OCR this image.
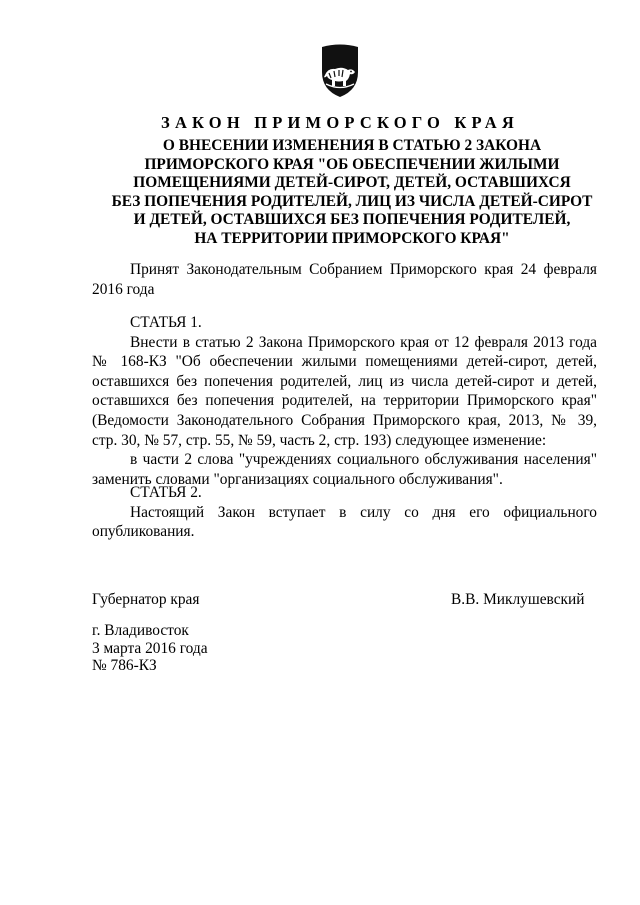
ЗАКОН ПРИМОРСКОГО КРАЯ
О ВНЕСЕНИИ ИЗМЕНЕНИЯ В СТАТЬЮ 2 ЗАКОНА
ПРИМОРСКОГО КРАЯ "ОБ ОБЕСПЕЧЕНИИ ЖИЛЫМИ
ПОМЕЩЕНИЯМИ ДЕТЕЙ-СИРОТ, ДЕТЕЙ, ОСТАВШИХСЯ
БЕЗ ПОПЕЧЕНИЯ РОДИТЕЛЕЙ, ЛИЦ ИЗ ЧИСЛА ДЕТЕЙ-СИРОТ
И ДЕТЕЙ, ОСТАВШИХСЯ БЕЗ ПОПЕЧЕНИЯ РОДИТЕЛЕЙ,
НА ТЕРРИТОРИИ ПРИМОРСКОГО КРАЯ"
Принят Законодательным Собранием Приморского края 24 февраля
2016 года
СТАТЬЯ 1.
Внести в статью 2 Закона Приморского края от 12 февраля 2013 года
№ 168-КЗ "Об обеспечении жилыми помещениями детей-сирот, детей,
оставшихся без попечения родителей, лиц из числа детей-сирот и детей,
оставшихся без попечения родителей, на территории Приморского края"
(Ведомости Законодательного Собрания Приморского края, 2013, № 39,
стр. 30, № 57, стр. 55, № 59, часть 2, стр. 193) следующее изменение:
в части 2 слова "учреждениях социального обслуживания населения"
заменить словами "организациях социального обслуживания".
СТАТЬЯ 2.
Настоящий Закон вступает в силу со дня его официального
опубликования.
Губернатор края	В.В. Миклушевский
г. Владивосток
3 марта 2016 года
№ 786-КЗ
